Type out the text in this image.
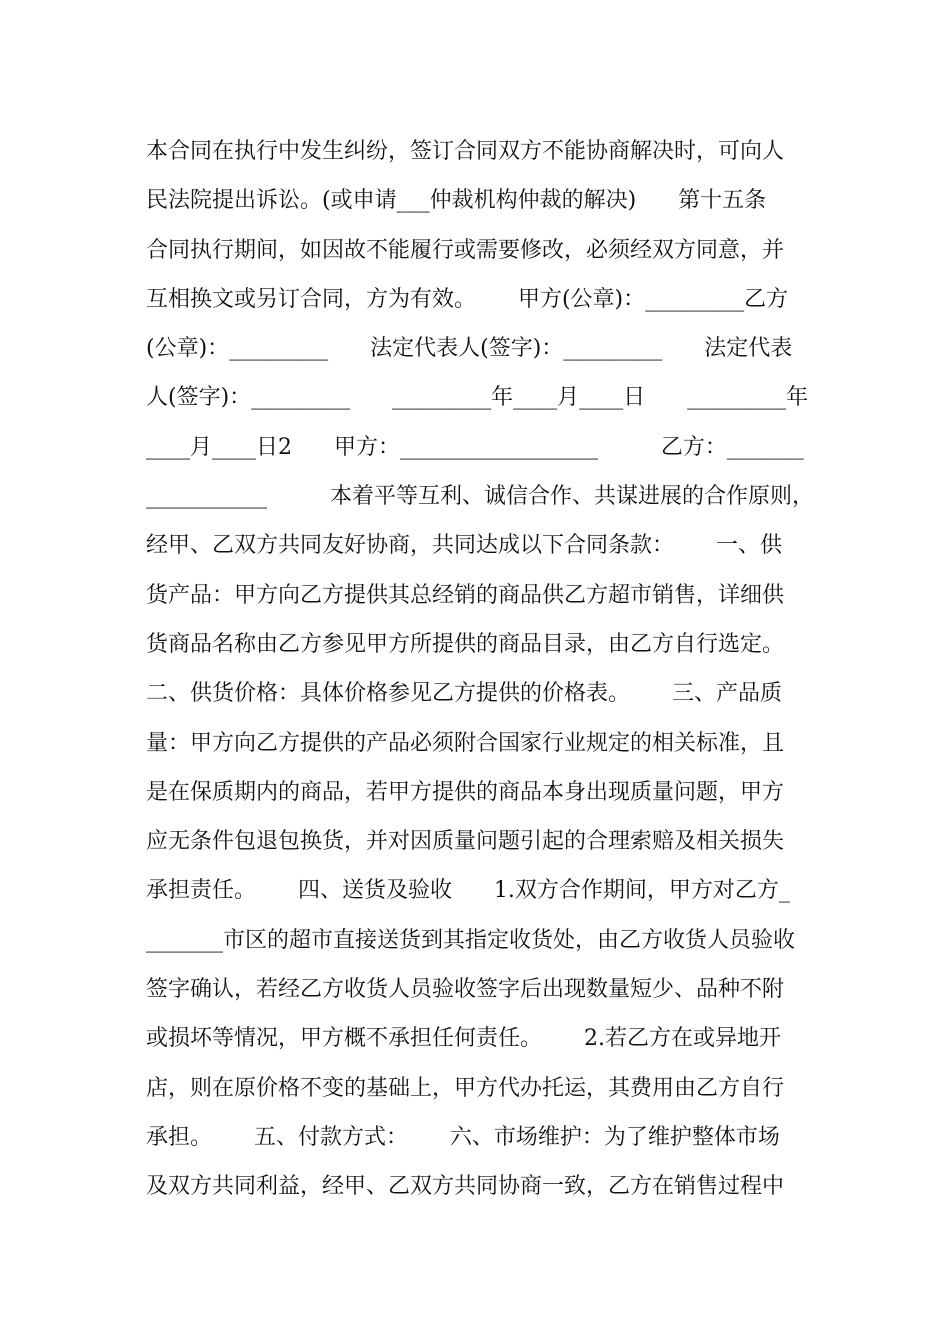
本合同在执行中发生纠纷，签订合同双方不能协商解决时，可向人
民法院提出诉讼。(或申请___仲裁机构仲裁的解决)      第十五条
合同执行期间，如因故不能履行或需要修改，必须经双方同意，并
互相换文或另订合同，方为有效。      甲方(公章)：_________乙方
(公章)：_________      法定代表人(签字)：_________      法定代表
人(签字)：_________      _________年____月____日      _________年
____月____日2      甲方：__________________         乙方：_______
___________         本着平等互利、诚信合作、共谋进展的合作原则，
经甲、乙双方共同友好协商，共同达成以下合同条款：      一、供
货产品：甲方向乙方提供其总经销的商品供乙方超市销售，详细供
货商品名称由乙方参见甲方所提供的商品目录，由乙方自行选定。
二、供货价格：具体价格参见乙方提供的价格表。      三、产品质
量：甲方向乙方提供的产品必须附合国家行业规定的相关标准，且
是在保质期内的商品，若甲方提供的商品本身出现质量问题，甲方
应无条件包退包换货，并对因质量问题引起的合理索赔及相关损失
承担责任。      四、送货及验收      1.双方合作期间，甲方对乙方_
_______市区的超市直接送货到其指定收货处，由乙方收货人员验收
签字确认，若经乙方收货人员验收签字后出现数量短少、品种不附
或损坏等情况，甲方概不承担任何责任。      2.若乙方在或异地开
店，则在原价格不变的基础上，甲方代办托运，其费用由乙方自行
承担。      五、付款方式：      六、市场维护：为了维护整体市场
及双方共同利益，经甲、乙双方共同协商一致，乙方在销售过程中
